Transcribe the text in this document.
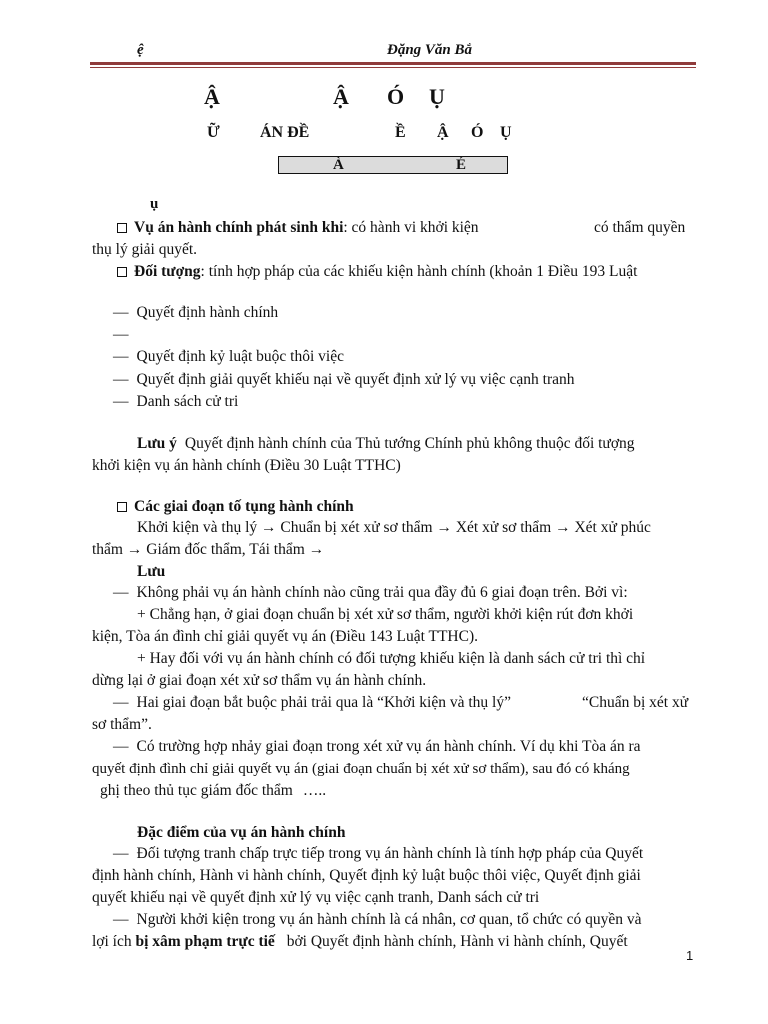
ệ	Đặng Văn Bắ
Ậ	Ậ Ó Ụ
Ữ	ÁN ĐỀ	Ề Ậ Ó Ụ
À	É
ụ
Vụ án hành chính phát sinh khi: có hành vi khởi kiện	có thẩm quyền
thụ lý giải quyết.
Đối tượng: tính hợp pháp của các khiếu kiện hành chính (khoản 1 Điều 193 Luật
— Quyết định hành chính
—
— Quyết định kỷ luật buộc thôi việc
— Quyết định giải quyết khiếu nại về quyết định xử lý vụ việc cạnh tranh
— Danh sách cử tri
Lưu ý Quyết định hành chính của Thủ tướng Chính phủ không thuộc đối tượng
khởi kiện vụ án hành chính (Điều 30 Luật TTHC)
Các giai đoạn tố tụng hành chính
Khởi kiện và thụ lý → Chuẩn bị xét xử sơ thẩm → Xét xử sơ thẩm → Xét xử phúc
thẩm → Giám đốc thẩm, Tái thẩm →
Lưu
— Không phải vụ án hành chính nào cũng trải qua đầy đủ 6 giai đoạn trên. Bởi vì:
+ Chẳng hạn, ở giai đoạn chuẩn bị xét xử sơ thẩm, người khởi kiện rút đơn khởi
kiện, Tòa án đình chỉ giải quyết vụ án (Điều 143 Luật TTHC).
+ Hay đối với vụ án hành chính có đối tượng khiếu kiện là danh sách cử tri thì chỉ
dừng lại ở giai đoạn xét xử sơ thẩm vụ án hành chính.
— Hai giai đoạn bắt buộc phải trải qua là “Khởi kiện và thụ lý”	“Chuẩn bị xét xử
sơ thẩm”.
— Có trường hợp nhảy giai đoạn trong xét xử vụ án hành chính. Ví dụ khi Tòa án ra
quyết định đình chỉ giải quyết vụ án (giai đoạn chuẩn bị xét xử sơ thẩm), sau đó có kháng
ghị theo thủ tục giám đốc thẩm …..
Đặc điểm của vụ án hành chính
— Đối tượng tranh chấp trực tiếp trong vụ án hành chính là tính hợp pháp của Quyết
định hành chính, Hành vi hành chính, Quyết định kỷ luật buộc thôi việc, Quyết định giải
quyết khiếu nại về quyết định xử lý vụ việc cạnh tranh, Danh sách cử tri
— Người khởi kiện trong vụ án hành chính là cá nhân, cơ quan, tổ chức có quyền và
lợi ích bị xâm phạm trực tiế bởi Quyết định hành chính, Hành vi hành chính, Quyết
1
